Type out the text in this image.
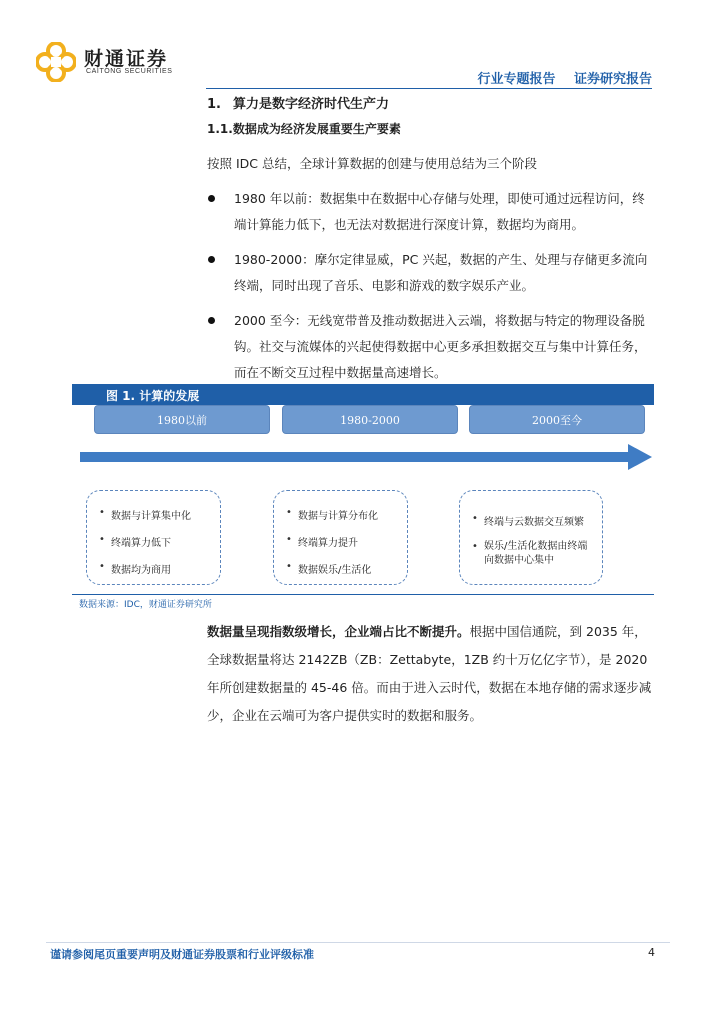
财通证券
CAITONG SECURITIES
行业专题报告 证券研究报告
1. 算力是数字经济时代生产力
1.1.数据成为经济发展重要生产要素
按照 IDC 总结，全球计算数据的创建与使用总结为三个阶段
1980 年以前：数据集中在数据中心存储与处理，即使可通过远程访问，终端计算能力低下，也无法对数据进行深度计算，数据均为商用。
1980-2000：摩尔定律显威，PC 兴起，数据的产生、处理与存储更多流向终端，同时出现了音乐、电影和游戏的数字娱乐产业。
2000 至今：无线宽带普及推动数据进入云端，将数据与特定的物理设备脱钩。社交与流媒体的兴起使得数据中心更多承担数据交互与集中计算任务，而在不断交互过程中数据量高速增长。
图 1. 计算的发展
1980以前	1980-2000	2000至今
• 数据与计算集中化
• 终端算力低下
• 数据均为商用
• 数据与计算分布化
• 终端算力提升
• 数据娱乐/生活化
• 终端与云数据交互频繁
• 娱乐/生活化数据由终端向数据中心集中
数据来源：IDC，财通证券研究所
数据量呈现指数级增长，企业端占比不断提升。根据中国信通院，到 2035 年，全球数据量将达 2142ZB（ZB：Zettabyte，1ZB 约十万亿亿字节），是 2020 年所创建数据量的 45-46 倍。而由于进入云时代，数据在本地存储的需求逐步减少，企业在云端可为客户提供实时的数据和服务。
谨请参阅尾页重要声明及财通证券股票和行业评级标准	4
